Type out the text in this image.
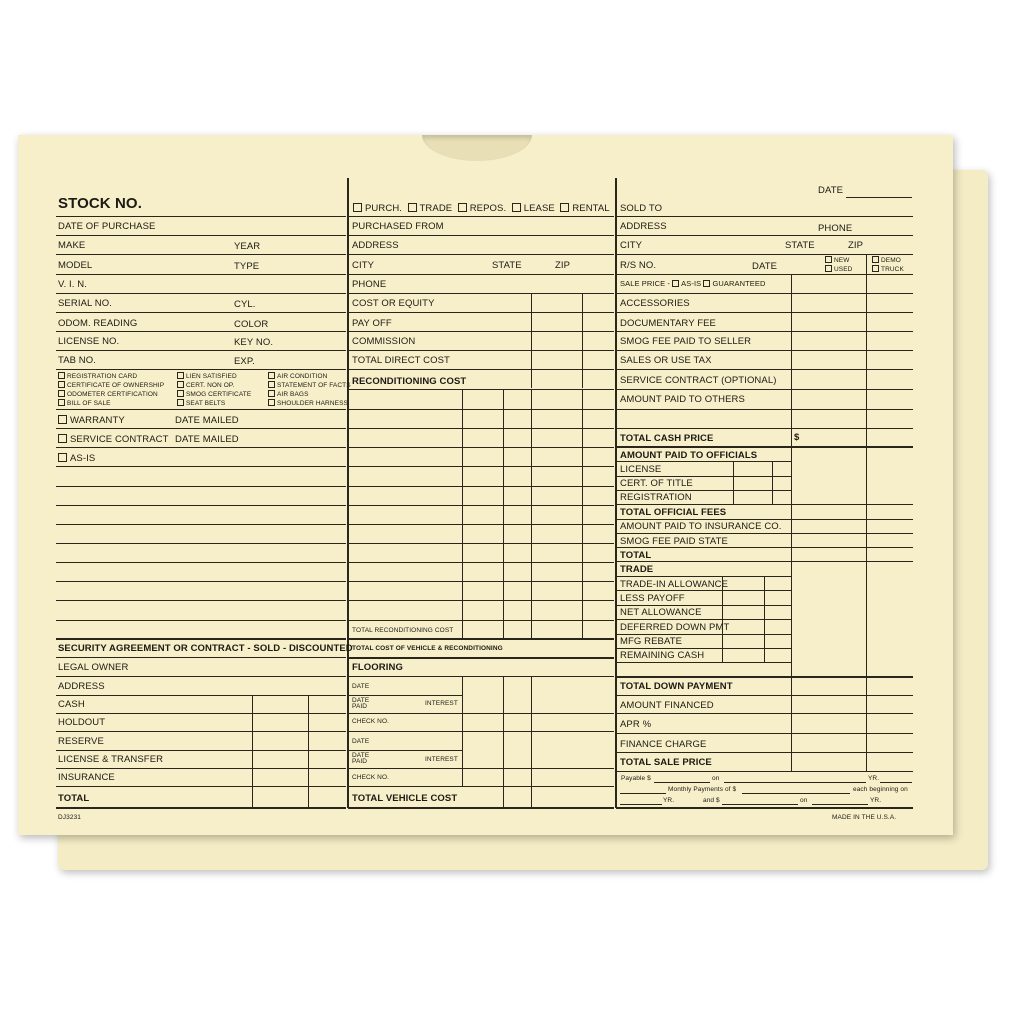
STOCK NO.
DATE OF PURCHASE
MAKE	YEAR
MODEL	TYPE
V. I. N.
SERIAL NO.	CYL.
ODOM. READING	COLOR
LICENSE NO.	KEY NO.
TAB NO.	EXP.
REGISTRATION CARD
CERTIFICATE OF OWNERSHIP
ODOMETER CERTIFICATION
BILL OF SALE
LIEN SATISFIED
CERT. NON OP.
SMOG CERTIFICATE
SEAT BELTS
AIR CONDITION
STATEMENT OF FACTS
AIR BAGS
SHOULDER HARNESS
WARRANTY	DATE MAILED
SERVICE CONTRACT DATE MAILED
AS-IS
SECURITY AGREEMENT OR CONTRACT - SOLD - DISCOUNTED
LEGAL OWNER
ADDRESS
CASH
HOLDOUT
RESERVE
LICENSE & TRANSFER
INSURANCE
TOTAL
DJ3231
PURCH. TRADE REPOS. LEASE RENTAL
PURCHASED FROM
ADDRESS
CITY	STATE	ZIP
PHONE
COST OR EQUITY
PAY OFF
COMMISSION
TOTAL DIRECT COST
RECONDITIONING COST
TOTAL RECONDITIONING COST
TOTAL COST OF VEHICLE & RECONDITIONING
FLOORING
DATE
DATE PAID	INTEREST
CHECK NO.
DATE
DATE PAID	INTEREST
CHECK NO.
TOTAL VEHICLE COST
DATE
SOLD TO
ADDRESS	PHONE
CITY	STATE	ZIP
R/S NO.	DATE
NEW
USED
DEMO
TRUCK
SALE PRICE - AS-IS GUARANTEED
ACCESSORIES
DOCUMENTARY FEE
SMOG FEE PAID TO SELLER
SALES OR USE TAX
SERVICE CONTRACT (OPTIONAL)
AMOUNT PAID TO OTHERS
TOTAL CASH PRICE	$
AMOUNT PAID TO OFFICIALS
LICENSE
CERT. OF TITLE
REGISTRATION
TOTAL OFFICIAL FEES
AMOUNT PAID TO INSURANCE CO.
SMOG FEE PAID STATE
TOTAL
TRADE
TRADE-IN ALLOWANCE
LESS PAYOFF
NET ALLOWANCE
DEFERRED DOWN PMT
MFG REBATE
REMAINING CASH
TOTAL DOWN PAYMENT
AMOUNT FINANCED
APR %
FINANCE CHARGE
TOTAL SALE PRICE
Payable $	on	YR.
Monthly Payments of $	each beginning on
YR.	and $	on	YR.
MADE IN THE U.S.A.
